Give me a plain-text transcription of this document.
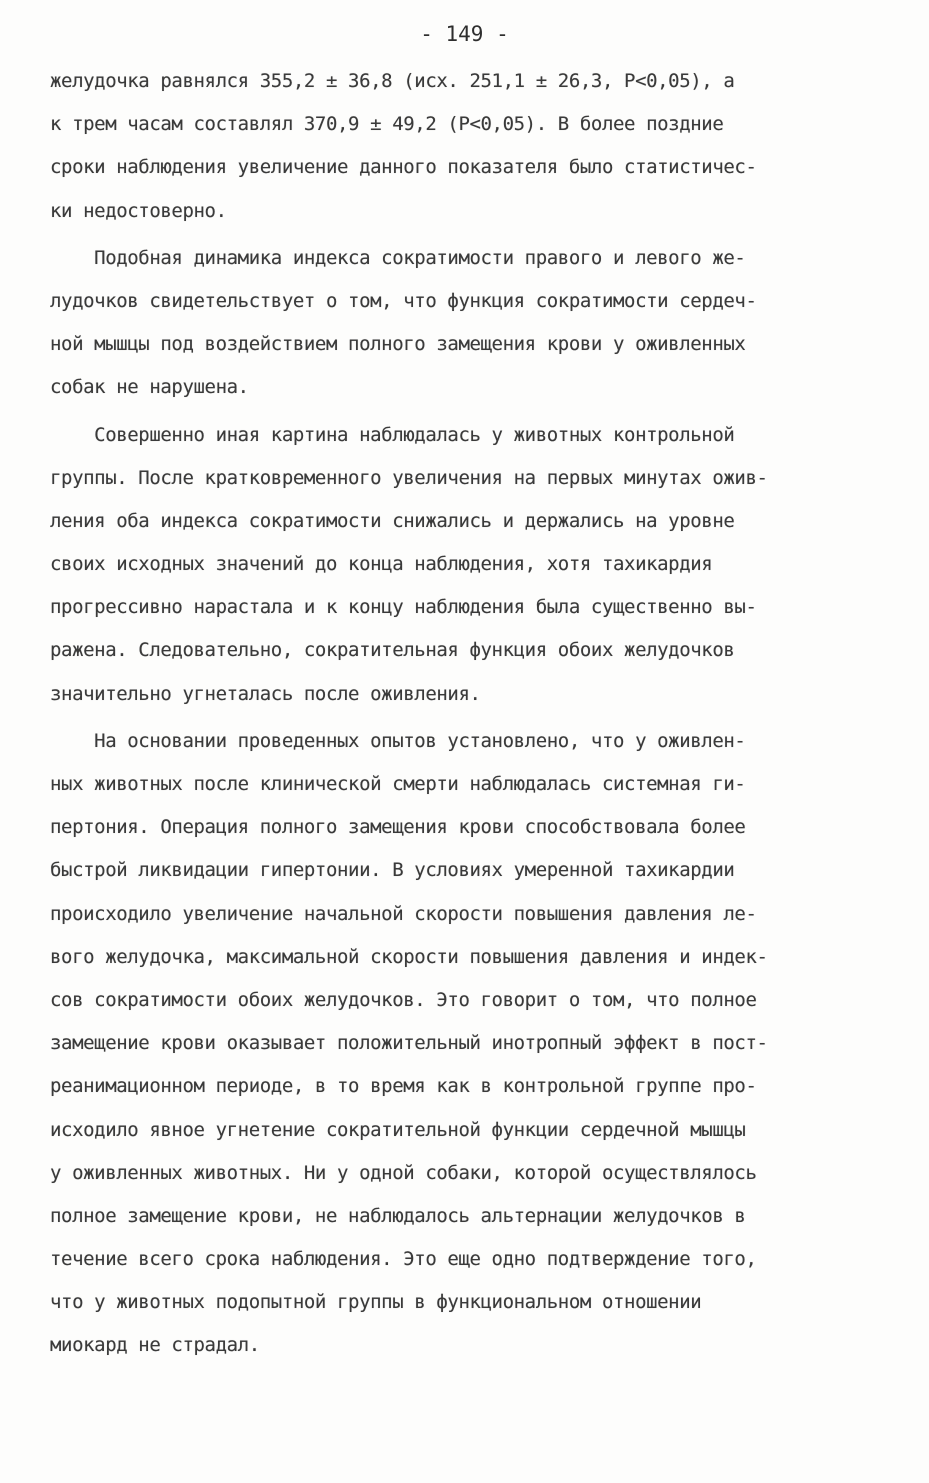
- 149 -
желудочка равнялся 355,2 ± 36,8 (исх. 251,1 ± 26,3, Р<0,05), а
к трем часам составлял 370,9 ± 49,2 (Р<0,05). В более поздние
сроки наблюдения увеличение данного показателя было статистичес-
ки недостоверно.
Подобная динамика индекса сократимости правого и левого же-
лудочков свидетельствует о том, что функция сократимости сердеч-
ной мышцы под воздействием полного замещения крови у оживленных
собак не нарушена.
Совершенно иная картина наблюдалась у животных контрольной
группы. После кратковременного увеличения на первых минутах ожив-
ления оба индекса сократимости снижались и держались на уровне
своих исходных значений до конца наблюдения, хотя тахикардия
прогрессивно нарастала и к концу наблюдения была существенно вы-
ражена. Следовательно, сократительная функция обоих желудочков
значительно угнеталась после оживления.
На основании проведенных опытов установлено, что у оживлен-
ных животных после клинической смерти наблюдалась системная ги-
пертония. Операция полного замещения крови способствовала более
быстрой ликвидации гипертонии. В условиях умеренной тахикардии
происходило увеличение начальной скорости повышения давления ле-
вого желудочка, максимальной скорости повышения давления и индек-
сов сократимости обоих желудочков. Это говорит о том, что полное
замещение крови оказывает положительный инотропный эффект в пост-
реанимационном периоде, в то время как в контрольной группе про-
исходило явное угнетение сократительной функции сердечной мышцы
у оживленных животных. Ни у одной собаки, которой осуществлялось
полное замещение крови, не наблюдалось альтернации желудочков в
течение всего срока наблюдения. Это еще одно подтверждение того,
что у животных подопытной группы в функциональном отношении
миокард не страдал.
